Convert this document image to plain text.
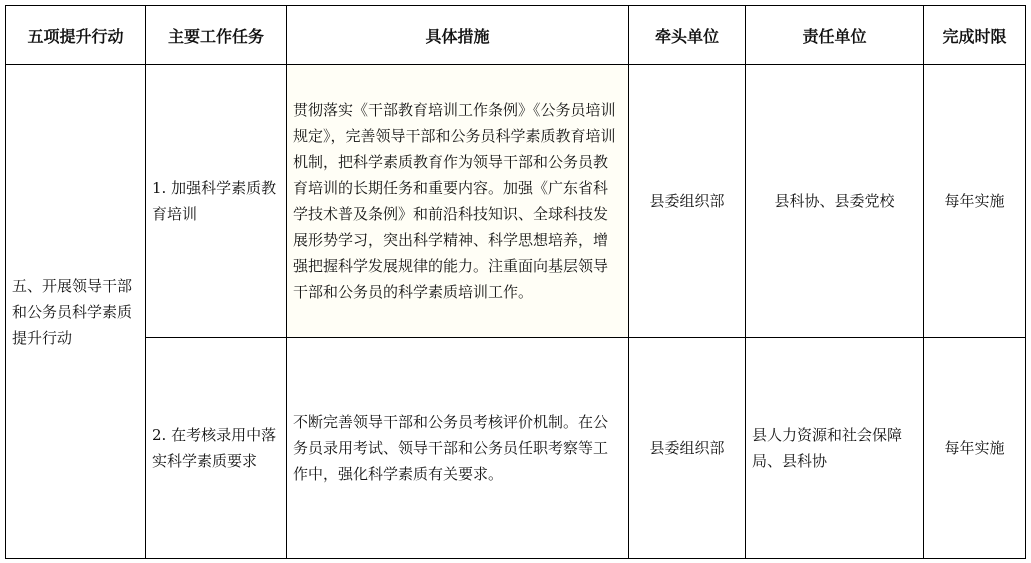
五项提升行动	主要工作任务	具体措施	牵头单位	责任单位	完成时限
五、开展领导干部和公务员科学素质提升行动	1. 加强科学素质教育培训	贯彻落实《干部教育培训工作条例》《公务员培训规定》，完善领导干部和公务员科学素质教育培训机制，把科学素质教育作为领导干部和公务员教育培训的长期任务和重要内容。加强《广东省科学技术普及条例》和前沿科技知识、全球科技发展形势学习，突出科学精神、科学思想培养，增强把握科学发展规律的能力。注重面向基层领导干部和公务员的科学素质培训工作。	县委组织部	县科协、县委党校	每年实施
	2. 在考核录用中落实科学素质要求	不断完善领导干部和公务员考核评价机制。在公务员录用考试、领导干部和公务员任职考察等工作中，强化科学素质有关要求。	县委组织部	县人力资源和社会保障局、县科协	每年实施
